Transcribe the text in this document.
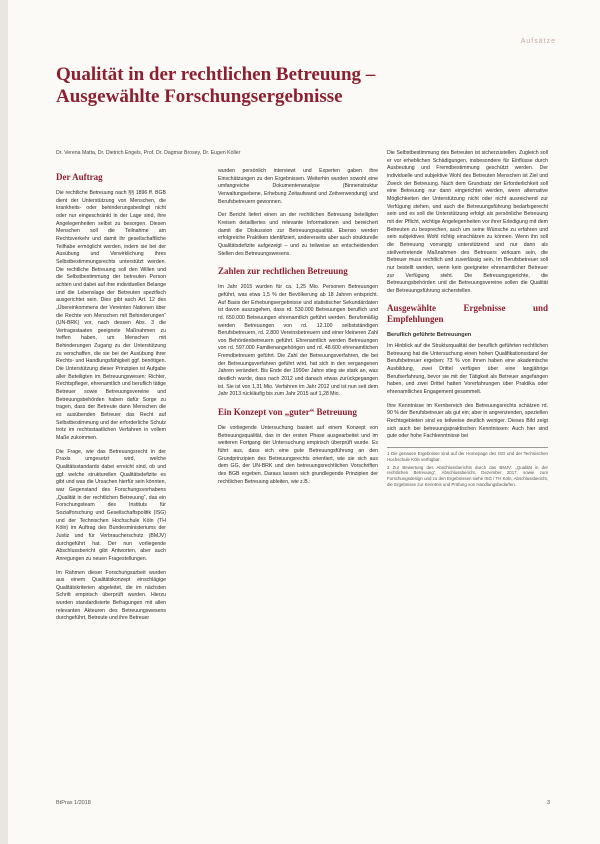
Aufsätze
Qualität in der rechtlichen Betreuung –
Ausgewählte Forschungsergebnisse
Dr. Verena Matta, Dr. Dietrich Engels, Prof. Dr. Dagmar Brosey, Dr. Eugen Köller
Der Auftrag

Die rechtliche Betreuung nach §§ 1896 ff. BGB dient der Unterstützung von Menschen, die krankheits- oder behinderungsbedingt nicht oder nur eingeschränkt in der Lage sind, ihre Angelegenheiten selbst zu besorgen. Diesen Menschen soll die Teilnahme am Rechtsverkehr und damit ihr gesellschaftliche Teilhabe ermöglicht werden, indem sie bei der Ausübung und Verwirklichung ihres Selbstbestimmungsrechts unterstützt werden. Die rechtliche Betreuung soll den Willen und die Selbstbestimmung der betreuten Person achten und dabei auf ihre individuellen Belange und die Lebenslage der Betreuten spezifisch ausgerichtet sein. Dies gibt auch Art. 12 des „Übereinkommens der Vereinten Nationen über die Rechte von Menschen mit Behinderungen“ (UN-BRK) vor, nach dessen Abs. 3 die Vertragsstaaten geeignete Maßnahmen zu treffen haben, um Menschen mit Behinderungen Zugang zu der Unterstützung zu verschaffen, die sie bei der Ausübung ihrer Rechts- und Handlungsfähigkeit ggf. benötigen. Die Unterstützung dieser Prinzipien ist Aufgabe aller Beteiligten im Betreuungswesen: Richter, Rechtspfleger, ehrenamtlich und beruflich tätige Betreuer sowie Betreuungsvereine und Betreuungsbehörden haben dafür Sorge zu tragen, dass der Betreute dann Menschen die es ausübenden Betreuer das Recht auf Selbstbestimmung und der erforderliche Schutz trotz im rechtsstaatlichen Verfahren in vollem Maße zukommen.

Die Frage, wie das Betreuungsrecht in der Praxis umgesetzt wird, welche Qualitätsstandards dabei erreicht sind, ob und ggf. welche strukturellen Qualitätsdefizite es gibt und was die Ursachen hierfür sein könnten, war Gegenstand des Forschungsvorhabens „Qualität in der rechtlichen Betreuung“, das ein Forschungsteam des Instituts für Sozialforschung und Gesellschaftspolitik (ISG) und der Technischen Hochschule Köln (TH Köln) im Auftrag des Bundesministeriums der Justiz und für Verbraucherschutz (BMJV) durchgeführt hat. Der nun vorliegende Abschlussbericht gibt Antworten, aber auch Anregungen zu neuen Fragestellungen.

Im Rahmen dieser Forschungsarbeit wurden aus einem Qualitätskonzept einschlägige Qualitätskriterien abgeleitet, die im nächsten Schritt empirisch überprüft wurden. Hierzu wurden standardisierte Befragungen mit allen relevanten Akteuren des Betreuungswesens durchgeführt, Betreute und ihre Betreuer

wurden persönlich interviewt und Experten gaben ihre Einschätzungen zu den Ergebnissen. Weiterhin wurden sowohl eine umfangreiche Dokumentenanalyse (Binnenstruktur Verwaltungsebene, Erhebung Zeitaufwand und Zeitverwendung) und Berufsbetreuern gewonnen.

Der Bericht liefert einen an der rechtlichen Betreuung beteiligten Kreisen detailliertes und relevante Informationen und bereichert damit die Diskussion zur Betreuungsqualität. Ebenso werden erfolgreiche Praktiken identifiziert, andererseits aber auch strukturelle Qualitätsdefizite aufgezeigt – und zu teilweise an entscheidenden Stellen des Betreuungswesens.

Zahlen zur rechtlichen Betreuung

Im Jahr 2015 wurden für ca. 1,25 Mio. Personen Betreuungen geführt, was etwa 1,5 % der Bevölkerung ab 18 Jahren entspricht. Auf Basis der Erhebungsergebnisse und statistischer Sekundärdaten ist davon auszugehen, dass rd. 530.000 Betreuungen beruflich und rd. 650.000 Betreuungen ehrenamtlich geführt werden. Berufsmäßig werden Betreuungen von rd. 12.100 selbstständigen Berufsbetreuern, rd. 2.800 Vereinsbetreuern und einer kleineren Zahl von Behördenbetreuern geführt. Ehrenamtlich werden Betreuungen von rd. 597.000 Familienangehörigen und rd. 48.600 ehrenamtlichen Fremdbetreuern geführt. Die Zahl der Betreuungsverfahren, die bei der Betreuungsverfahren geführt wird, hat sich in den vergangenen Jahren verändert. Bis Ende der 1990er Jahre stieg sie stark an, was deutlich wurde, dass nach 2012 und danach etwas zurückgegangen ist. Sie ist von 1,31 Mio. Verfahren im Jahr 2012 und ist nun seit dem Jahr 2013 rückläufig bis zum Jahr 2015 auf 1,28 Mio.

Ein Konzept von „guter“ Betreuung

Die vorliegende Untersuchung basiert auf einem Konzept von Betreuungsqualität, das in der ersten Phase ausgearbeitet und im weiteren Fortgang der Untersuchung empirisch überprüft wurde. Es führt aus, dass sich eine gute Betreuungsführung an den Grundprinzipien des Betreuungsrechts orientiert, wie sie sich aus dem GG, der UN-BRK und den betreuungsrechtlichen Vorschriften des BGB ergeben. Daraus lassen sich grundlegende Prinzipien der rechtlichen Betreuung ableiten, wie z.B.:

Die Selbstbestimmung des Betreuten ist sicherzustellen. Zugleich soll er vor erheblichen Schädigungen, insbesondere für Einflüsse durch Ausbeutung und Fremdbestimmung geschützt werden. Der individuelle und subjektive Wohl des Betreuten Menschen ist Ziel und Zweck der Betreuung. Nach dem Grundsatz der Erforderlichkeit soll eine Betreuung nur dann eingerichtet werden, wenn alternative Möglichkeiten der Unterstützung nicht oder nicht ausreichend zur Verfügung stehen, und auch die Betreuungsführung bedarfsgerecht sein und es soll die Unterstützung erfolgt als persönliche Betreuung mit der Pflicht, wichtige Angelegenheiten vor ihrer Erledigung mit dem Betreuten zu besprechen, auch um seine Wünsche zu erfahren und sein subjektives Wohl richtig einschätzen zu können. Wenn ihn soll die Betreuung vorrangig unterstützend und nur dann als stellvertretende Maßnahmen des Betreuers wirksam sein, die Betreuer muss rechtlich und zuverlässig sein. Im Berufsbetreuer soll nur bestellt werden, wenn kein geeigneter ehrenamtlicher Betreuer zur Verfügung steht. Die Betreuungsgerichte, die Betreuungsbehörden und die Betreuungsvereine sollen die Qualität der Betreuungsführung sicherstellen.

Ausgewählte Ergebnisse und Empfehlungen
Beruflich geführte Betreuungen

Im Hinblick auf die Strukturqualität der beruflich geführten rechtlichen Betreuung hat die Untersuchung einen hohen Qualifikationsstand der Berufsbetreuer ergeben: 73 % von ihnen haben eine akademische Ausbildung, zwei Drittel verfügen über eine langjährige Berufserfahrung, bevor sie mit der Tätigkeit als Betreuer angefangen haben, und zwei Drittel hatten Vorerfahrungen über Praktika oder ehrenamtliches Engagement gesammelt.

Ihre Kenntnisse im Kernbereich des Betreuungsrechts schätzen rd. 90 % der Berufsbetreuer als gut ein; aber in angrenzenden, speziellen Rechtsgebieten sind es teilweise deutlich weniger. Dieses Bild zeigt sich auch bei betreuungspraktischen Kenntnissen: Auch hier sind gute oder hohe Fachkenntnisse bei

1 Die genauen Ergebnisse sind auf der Homepage des ISG und der Technischen Hochschule Köln verfügbar.
2 Zur Bewertung des Abschlussberichts durch das BMJV: „Qualität in der rechtlichen Betreuung“, Abschlussbericht, Dezember 2017, sowie zum Forschungsdesign und zu den Ergebnissen siehe ISG / TH Köln, Abschlussbericht, die Ergebnisse zur Kenntnis und Prüfung von Handlungsbedarfen.
BtPrax 1/2018	3
